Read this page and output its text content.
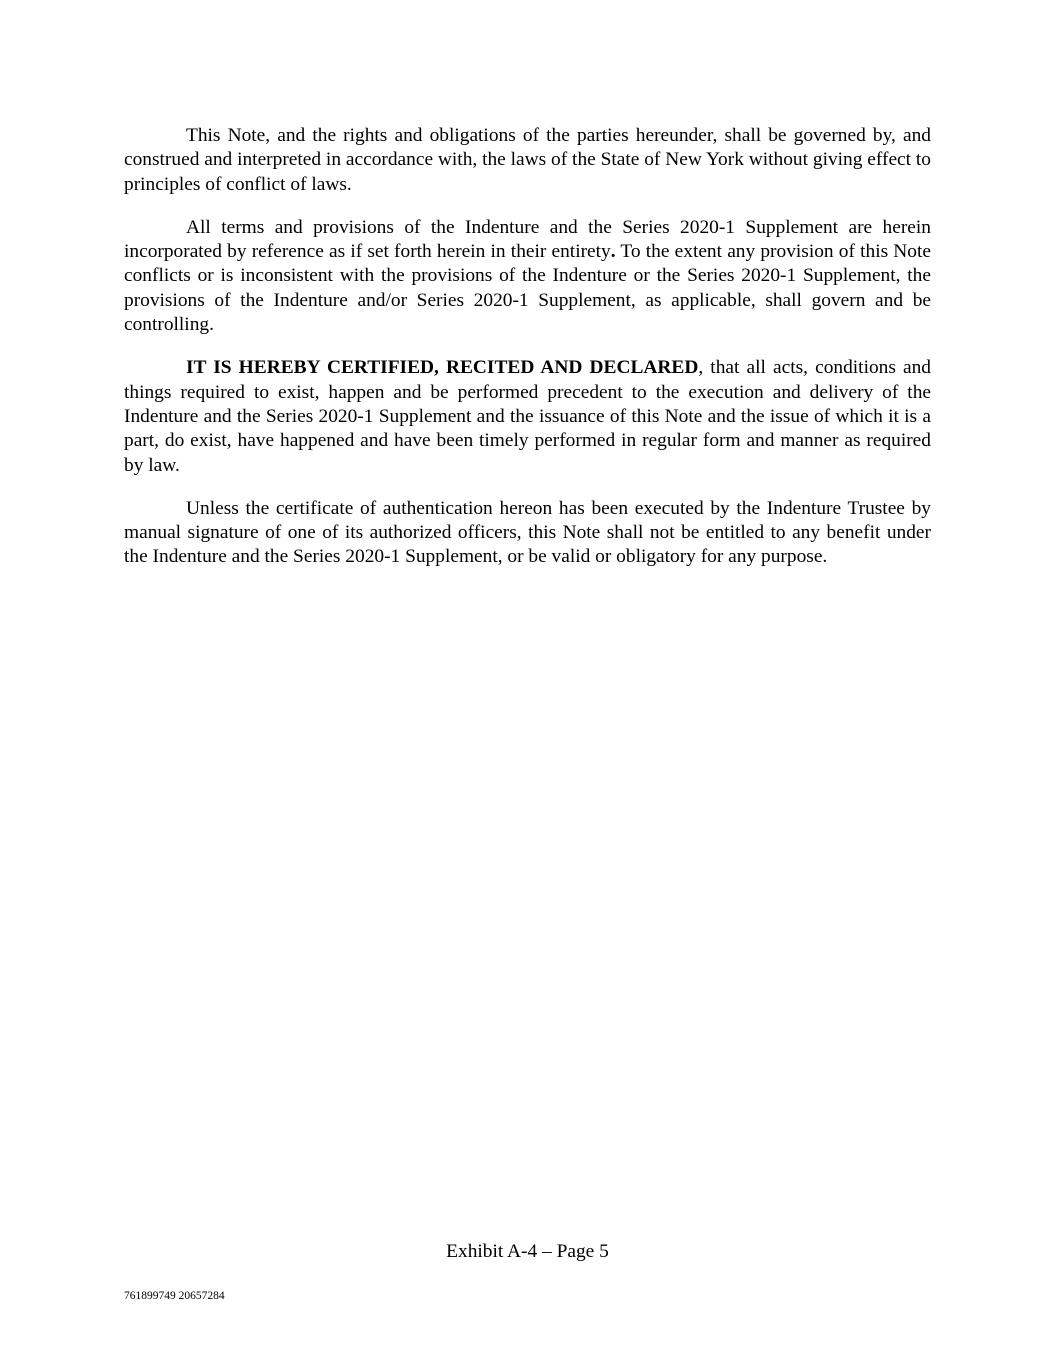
This Note, and the rights and obligations of the parties hereunder, shall be governed by, and construed and interpreted in accordance with, the laws of the State of New York without giving effect to principles of conflict of laws.

All terms and provisions of the Indenture and the Series 2020-1 Supplement are herein incorporated by reference as if set forth herein in their entirety. To the extent any provision of this Note conflicts or is inconsistent with the provisions of the Indenture or the Series 2020-1 Supplement, the provisions of the Indenture and/or Series 2020-1 Supplement, as applicable, shall govern and be controlling.

IT IS HEREBY CERTIFIED, RECITED AND DECLARED, that all acts, conditions and things required to exist, happen and be performed precedent to the execution and delivery of the Indenture and the Series 2020-1 Supplement and the issuance of this Note and the issue of which it is a part, do exist, have happened and have been timely performed in regular form and manner as required by law.

Unless the certificate of authentication hereon has been executed by the Indenture Trustee by manual signature of one of its authorized officers, this Note shall not be entitled to any benefit under the Indenture and the Series 2020-1 Supplement, or be valid or obligatory for any purpose.

Exhibit A-4 – Page 5
761899749 20657284
